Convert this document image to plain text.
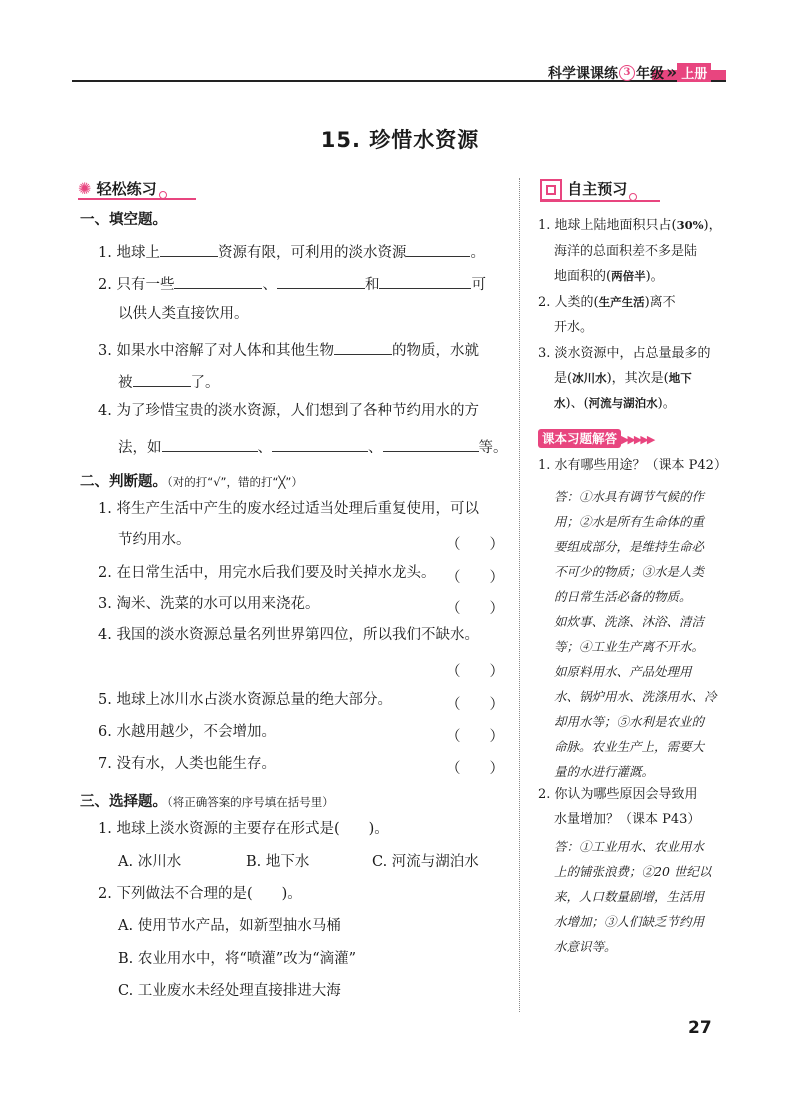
科学课课练 3 年级 » 上册
15. 珍惜水资源
✺ 轻松练习
一、填空题。
1. 地球上	资源有限，可利用的淡水资源	。
2. 只有一些	、	和	可
以供人类直接饮用。
3. 如果水中溶解了对人体和其他生物	的物质，水就
被	了。
4. 为了珍惜宝贵的淡水资源，人们想到了各种节约用水的方
法，如	、	、	等。
二、判断题。（对的打“√”，错的打“╳”）
1. 将生产生活中产生的废水经过适当处理后重复使用，可以
节约用水。	（　　）
2. 在日常生活中，用完水后我们要及时关掉水龙头。 （　　）
3. 淘米、洗菜的水可以用来浇花。	（　　）
4. 我国的淡水资源总量名列世界第四位，所以我们不缺水。
（　　）
5. 地球上冰川水占淡水资源总量的绝大部分。	（　　）
6. 水越用越少，不会增加。	（　　）
7. 没有水，人类也能生存。	（　　）
三、选择题。（将正确答案的序号填在括号里）
1. 地球上淡水资源的主要存在形式是(　　)。
A. 冰川水	B. 地下水	C. 河流与湖泊水
2. 下列做法不合理的是(　　)。
A. 使用节水产品，如新型抽水马桶
B. 农业用水中，将“喷灌”改为“滴灌”
C. 工业废水未经处理直接排进大海
自主预习
1. 地球上陆地面积只占(30%)，
海洋的总面积差不多是陆
地面积的(两倍半)。
2. 人类的(生产生活)离不
开水。
3. 淡水资源中，占总量最多的
是(冰川水)，其次是(地下
水)、(河流与湖泊水)。
课本习题解答 ▶▶▶▶▶
1. 水有哪些用途？（课本 P42）
答：①水具有调节气候的作
用；②水是所有生命体的重
要组成部分，是维持生命必
不可少的物质；③水是人类
的日常生活必备的物质。
如炊事、洗涤、沐浴、清洁
等；④工业生产离不开水。
如原料用水、产品处理用
水、锅炉用水、洗涤用水、冷
却用水等；⑤水利是农业的
命脉。农业生产上，需要大
量的水进行灌溉。
2. 你认为哪些原因会导致用
水量增加？（课本 P43）
答：①工业用水、农业用水
上的铺张浪费；②20 世纪以
来，人口数量剧增，生活用
水增加；③人们缺乏节约用
水意识等。
27
